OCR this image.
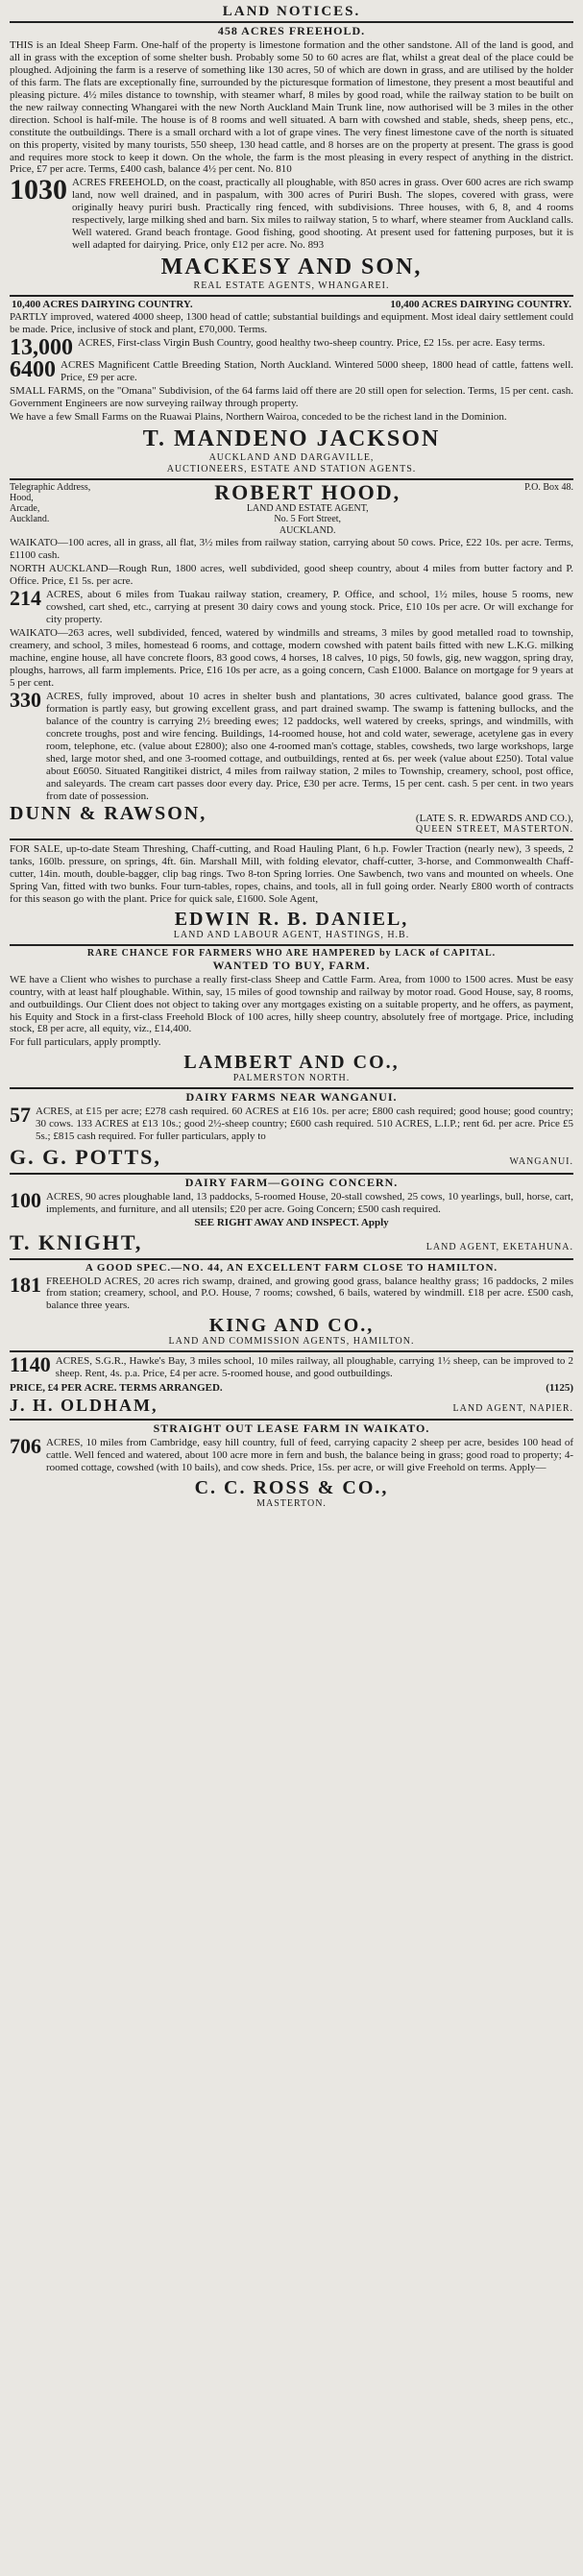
LAND NOTICES.
458 ACRES FREEHOLD.
THIS is an Ideal Sheep Farm. One-half of the property is limestone formation and the other sandstone. All of the land is good, and all in grass with the exception of some shelter bush. Probably some 50 to 60 acres are flat, whilst a great deal of the place could be ploughed. Adjoining the farm is a reserve of something like 130 acres, 50 of which are down in grass, and are utilised by the holder of this farm. The flats are exceptionally fine, surrounded by the picturesque formation of limestone, they present a most beautiful and pleasing picture. 4½ miles distance to township, with steamer wharf, 8 miles by good road, while the railway station to be built on the new railway connecting Whangarei with the new North Auckland Main Trunk line, now authorised will be 3 miles in the other direction. School is half-mile. The house is of 8 rooms and well situated. A barn with cowshed and stable, sheds, sheep pens, etc., constitute the outbuildings. There is a small orchard with a lot of grape vines. The very finest limestone cave of the north is situated on this property, visited by many tourists, 550 sheep, 130 head cattle, and 8 horses are on the property at present. The grass is good and requires more stock to keep it down. On the whole, the farm is the most pleasing in every respect of anything in the district. Price, £7 per acre. Terms, £400 cash, balance 4½ per cent. No. 810
1030 ACRES FREEHOLD, on the coast, practically all ploughable, with 850 acres in grass. Over 600 acres are rich swamp land, now well drained, and in paspalum, with 300 acres of Puriri Bush. The slopes, covered with grass, were originally heavy puriri bush. Practically ring fenced, with subdivisions. Three houses, with 6, 8, and 4 rooms respectively, large milking shed and barn. Six miles to railway station, 5 to wharf, where steamer from Auckland calls. Well watered. Grand beach frontage. Good fishing, good shooting. At present used for fattening purposes, but it is well adapted for dairying. Price, only £12 per acre. No. 893
MACKESY AND SON,
REAL ESTATE AGENTS, WHANGAREI.
10,400 ACRES DAIRYING COUNTRY.	10,400 ACRES DAIRYING COUNTRY.
PARTLY improved, watered 4000 sheep, 1300 head of cattle; substantial buildings and equipment. Most ideal dairy settlement could be made. Price, inclusive of stock and plant, £70,000. Terms.
13,000 ACRES, First-class Virgin Bush Country, good healthy two-sheep country. Price, £2 15s. per acre. Easy terms.
6400 ACRES Magnificent Cattle Breeding Station, North Auckland. Wintered 5000 sheep, 1800 head of cattle, fattens well. Price, £9 per acre.
SMALL FARMS, on the "Omana" Subdivision, of the 64 farms laid off there are 20 still open for selection. Terms, 15 per cent. cash. Government Engineers are now surveying railway through property.
We have a few Small Farms on the Ruawai Plains, Northern Wairoa, conceded to be the richest land in the Dominion.
T. MANDENO JACKSON
AUCKLAND AND DARGAVILLE,
AUCTIONEERS, ESTATE AND STATION AGENTS.
Telegraphic Address,
Hood,
Arcade,
Auckland.
ROBERT HOOD,
LAND AND ESTATE AGENT,
No. 5 Fort Street,
AUCKLAND.
P.O. Box 48.
WAIKATO—100 acres, all in grass, all flat, 3½ miles from railway station, carrying about 50 cows. Price, £22 10s. per acre. Terms, £1100 cash.
NORTH AUCKLAND—Rough Run, 1800 acres, well subdivided, good sheep country, about 4 miles from butter factory and P. Office. Price, £1 5s. per acre.
214 ACRES, about 6 miles from Tuakau railway station, creamery, P. Office, and school, 1½ miles, house 5 rooms, new cowshed, cart shed, etc., carrying at present 30 dairy cows and young stock. Price, £10 10s per acre. Or will exchange for city property.
WAIKATO—263 acres, well subdivided, fenced, watered by windmills and streams, 3 miles by good metalled road to township, creamery, and school, 3 miles, homestead 6 rooms, and cottage, modern cowshed with patent bails fitted with new L.K.G. milking machine, engine house, all have concrete floors, 83 good cows, 4 horses, 18 calves, 10 pigs, 50 fowls, gig, new waggon, spring dray, ploughs, harrows, all farm implements. Price, £16 10s per acre, as a going concern, Cash £1000. Balance on mortgage for 9 years at 5 per cent.
330 ACRES, fully improved, about 10 acres in shelter bush and plantations, 30 acres cultivated, balance good grass. The formation is partly easy, but growing excellent grass, and part drained swamp. The swamp is fattening bullocks, and the balance of the country is carrying 2½ breeding ewes; 12 paddocks, well watered by creeks, springs, and windmills, with concrete troughs, post and wire fencing. Buildings, 14-roomed house, hot and cold water, sewerage, acetylene gas in every room, telephone, etc. (value about £2800); also one 4-roomed man's cottage, stables, cowsheds, two large workshops, large shed, large motor shed, and one 3-roomed cottage, and outbuildings, rented at 6s. per week (value about £250). Total value about £6050. Situated Rangitikei district, 4 miles from railway station, 2 miles to Township, creamery, school, post office, and saleyards. The cream cart passes door every day. Price, £30 per acre. Terms, 15 per cent. cash. 5 per cent. in two years from date of possession.
DUNN & RAWSON,	(LATE S. R. EDWARDS AND CO.),
QUEEN STREET, MASTERTON.
FOR SALE, up-to-date Steam Threshing, Chaff-cutting, and Road Hauling Plant, 6 h.p. Fowler Traction (nearly new), 3 speeds, 2 tanks, 160lb. pressure, on springs, 4ft. 6in. Marshall Mill, with folding elevator, chaff-cutter, 3-horse, and Commonwealth Chaff-cutter, 14in. mouth, double-bagger, clip bag rings. Two 8-ton Spring lorries. One Sawbench, two vans and mounted on wheels. One Spring Van, fitted with two bunks. Four turn-tables, ropes, chains, and tools, all in full going order. Nearly £800 worth of contracts for this season go with the plant. Price for quick sale, £1600. Sole Agent,
EDWIN R. B. DANIEL,
LAND AND LABOUR AGENT, HASTINGS, H.B.
RARE CHANCE FOR FARMERS WHO ARE HAMPERED by LACK of CAPITAL.
WANTED TO BUY, FARM.
WE have a Client who wishes to purchase a really first-class Sheep and Cattle Farm. Area, from 1000 to 1500 acres. Must be easy country, with at least half ploughable. Within, say, 15 miles of good township and railway by motor road. Good House, say, 8 rooms, and outbuildings. Our Client does not object to taking over any mortgages existing on a suitable property, and he offers, as payment, his Equity and Stock in a first-class Freehold Block of 100 acres, hilly sheep country, absolutely free of mortgage. Price, including stock, £8 per acre, all equity, viz., £14,400.
For full particulars, apply promptly.
LAMBERT AND CO.,
PALMERSTON NORTH.
DAIRY FARMS NEAR WANGANUI.
57 ACRES, at £15 per acre; £278 cash required. 60 ACRES at £16 10s. per acre; £800 cash required; good house; good country; 30 cows. 133 ACRES at £13 10s.; good 2½-sheep country; £600 cash required. 510 ACRES, L.I.P.; rent 6d. per acre. Price £5 5s.; £815 cash required. For fuller particulars, apply to
G. G. POTTS,	WANGANUI.
DAIRY FARM—GOING CONCERN.
100 ACRES, 90 acres ploughable land, 13 paddocks, 5-roomed House, 20-stall cowshed, 25 cows, 10 yearlings, bull, horse, cart, implements, and furniture, and all utensils; £20 per acre. Going Concern; £500 cash required.
SEE RIGHT AWAY AND INSPECT. Apply
T. KNIGHT,	LAND AGENT, EKETAHUNA.
A GOOD SPEC.—NO. 44, AN EXCELLENT FARM CLOSE TO HAMILTON.
181 FREEHOLD ACRES, 20 acres rich swamp, drained, and growing good grass, balance healthy grass; 16 paddocks, 2 miles from station; creamery, school, and P.O. House, 7 rooms; cowshed, 6 bails, watered by windmill. £18 per acre. £500 cash, balance three years.
KING AND CO.,
LAND AND COMMISSION AGENTS, HAMILTON.
1140 ACRES, S.G.R., Hawke's Bay, 3 miles school, 10 miles railway, all ploughable, carrying 1½ sheep, can be improved to 2 sheep. Rent, 4s. p.a. Price, £4 per acre. 5-roomed house, and good outbuildings.
PRICE, £4 PER ACRE. TERMS ARRANGED.	(1125)
J. H. OLDHAM,	LAND AGENT, NAPIER.
STRAIGHT OUT LEASE FARM IN WAIKATO.
706 ACRES, 10 miles from Cambridge, easy hill country, full of feed, carrying capacity 2 sheep per acre, besides 100 head of cattle. Well fenced and watered, about 100 acre more in fern and bush, the balance being in grass; good road to property; 4-roomed cottage, cowshed (with 10 bails), and cow sheds. Price, 15s. per acre, or will give Freehold on terms. Apply—
C. C. ROSS & CO.,
MASTERTON.
